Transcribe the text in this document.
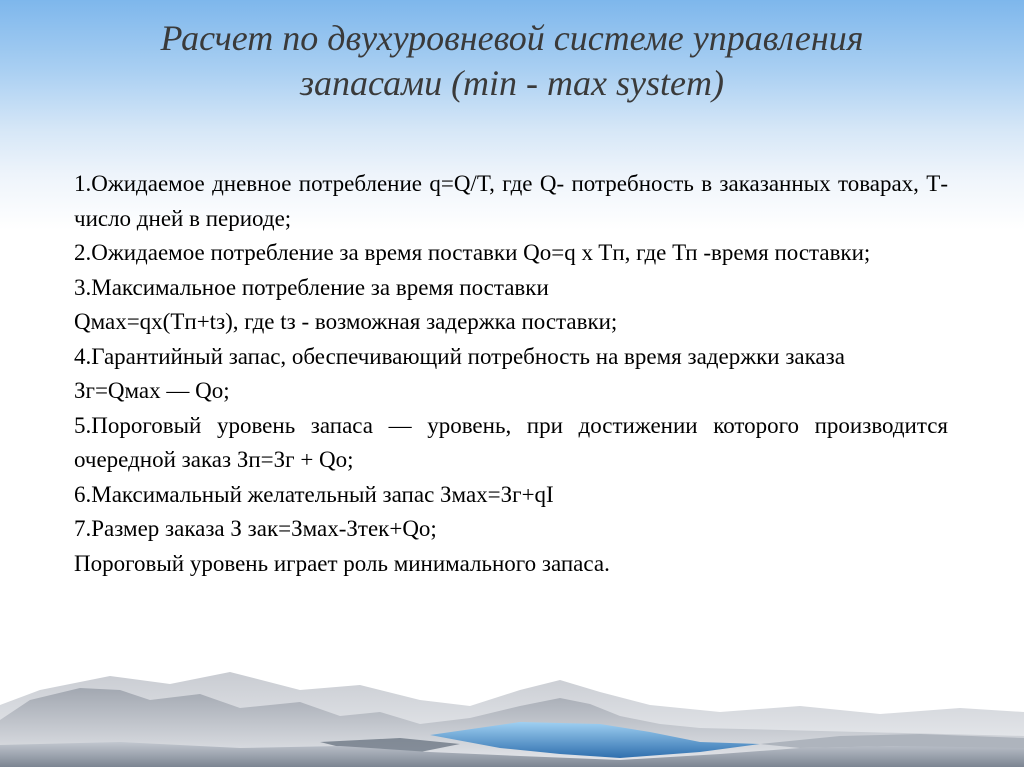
Расчет по двухуровневой системе управления
запасами (min - max system)
1.Ожидаемое дневное потребление q=Q/T, где Q- потребность в заказанных товарах, Т-число дней в периоде;
2.Ожидаемое потребление за время поставки Qo=q x Tп, где Тп -время поставки;
3.Максимальное потребление за время поставки
Qмах=qx(Tп+tз), где tз - возможная задержка поставки;
4.Гарантийный запас, обеспечивающий потребность на время задержки заказа
Зг=Qмах — Qo;
5.Пороговый уровень запаса — уровень, при достижении которого производится очередной заказ Зп=Зг + Qo;
6.Максимальный желательный запас Змах=Зг+qI
7.Размер заказа З зак=Змах-Зтек+Qo;
Пороговый уровень играет роль минимального запаса.
